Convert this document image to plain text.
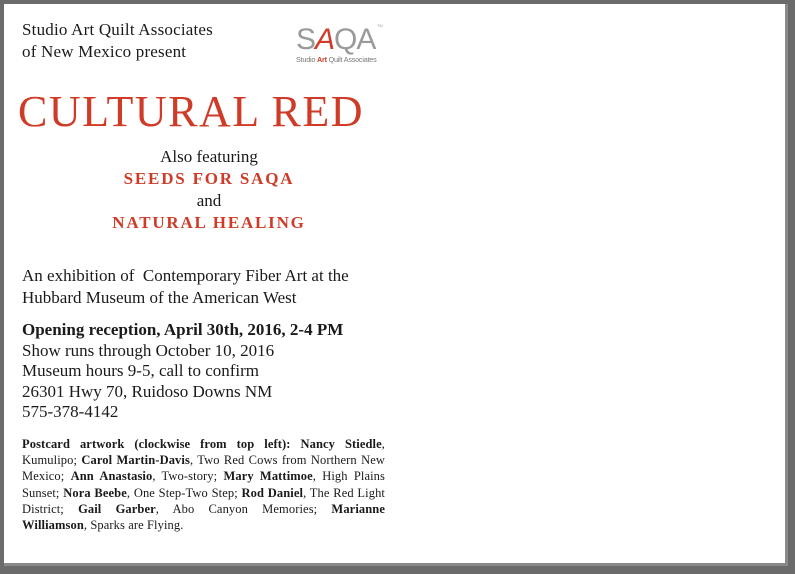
Studio Art Quilt Associates
of New Mexico present	SAQA TM
Studio Art Quilt Associates
CULTURAL RED
Also featuring
SEEDS FOR SAQA
and
NATURAL HEALING
An exhibition of  Contemporary Fiber Art at the
Hubbard Museum of the American West
Opening reception, April 30th, 2016, 2-4 PM
Show runs through October 10, 2016
Museum hours 9-5, call to confirm
26301 Hwy 70, Ruidoso Downs NM
575-378-4142
Postcard artwork (clockwise from top left): Nancy Stiedle, Kumulipo; Carol Martin-Davis, Two Red Cows from Northern New Mexico; Ann Anastasio, Two-story; Mary Mattimoe, High Plains Sunset; Nora Beebe, One Step-Two Step; Rod Daniel, The Red Light District; Gail Garber, Abo Canyon Memories; Marianne Williamson, Sparks are Flying.
